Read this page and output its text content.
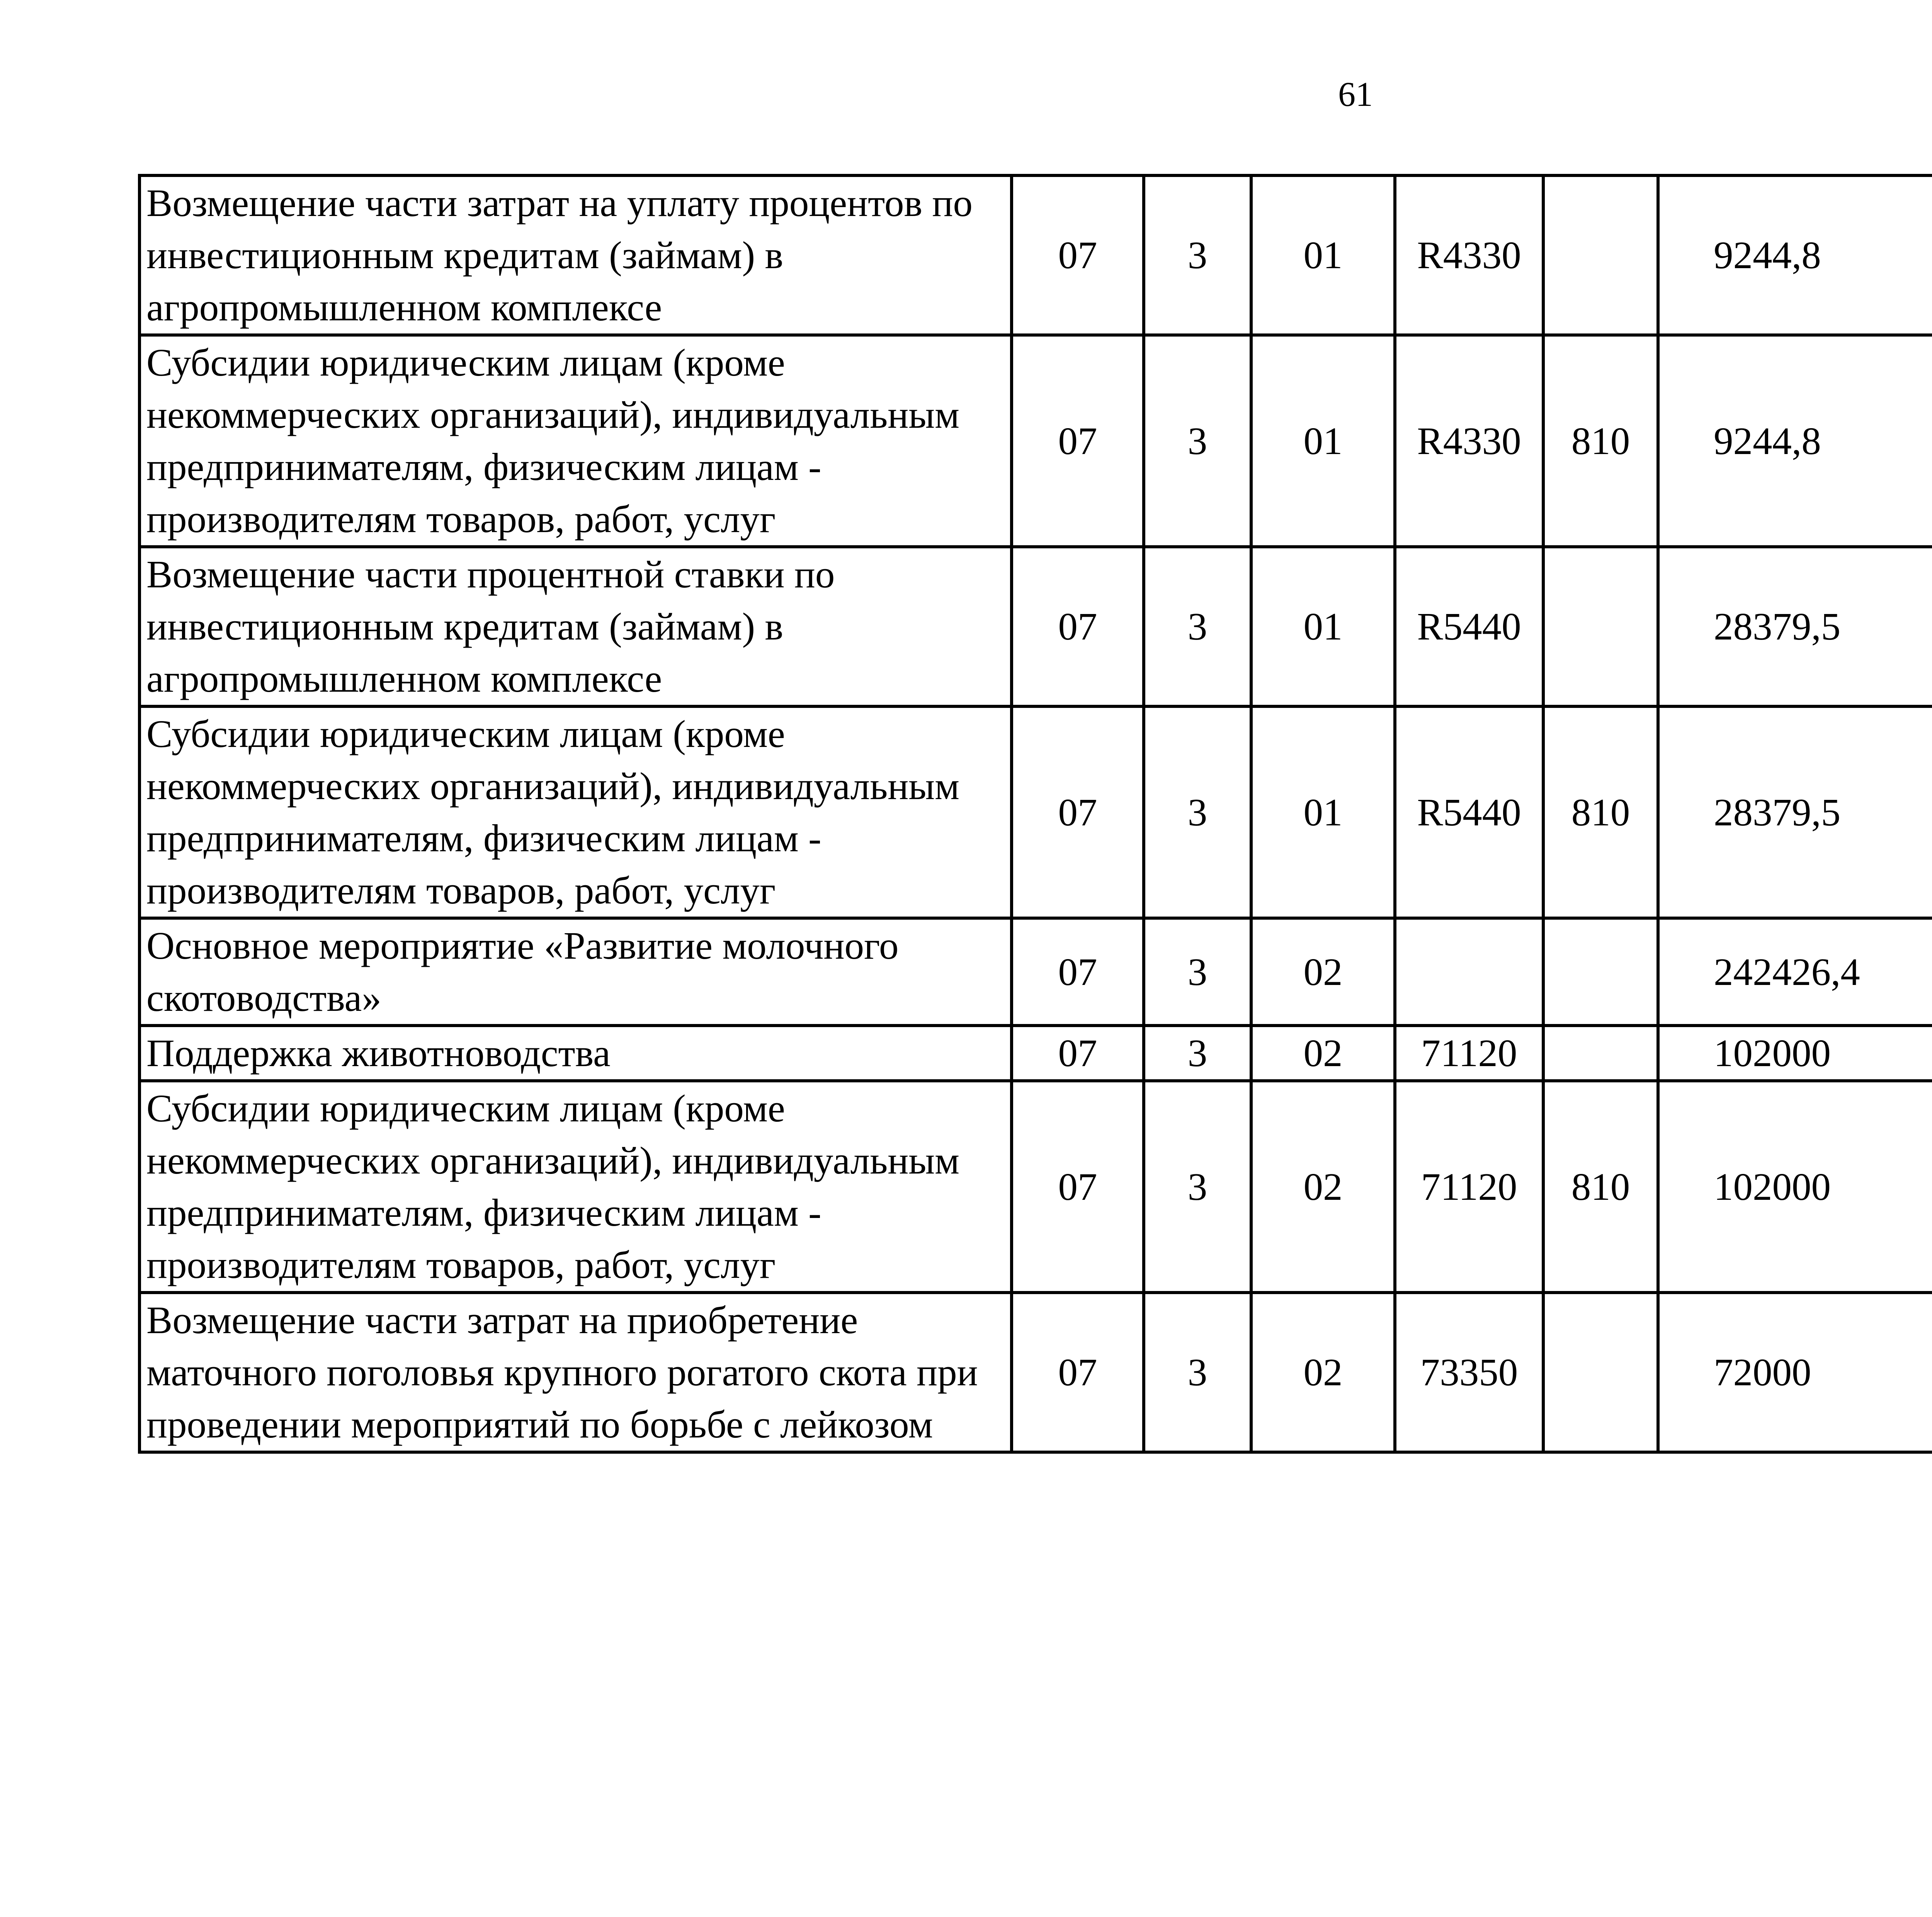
61
Возмещение части затрат на уплату процентов по инвестиционным кредитам (займам) в агропромышленном комплексе	07	3	01	R4330		9244,8		
Субсидии юридическим лицам (кроме некоммерческих организаций), индивидуальным предпринимателям, физическим лицам - производителям товаров, работ, услуг	07	3	01	R4330	810	9244,8		
Возмещение части процентной ставки по инвестиционным кредитам (займам) в агропромышленном комплексе	07	3	01	R5440		28379,5		
Субсидии юридическим лицам (кроме некоммерческих организаций), индивидуальным предпринимателям, физическим лицам - производителям товаров, работ, услуг	07	3	01	R5440	810	28379,5		
Основное мероприятие «Развитие молочного скотоводства»	07	3	02			242426,4		
Поддержка животноводства	07	3	02	71120		102000		
Субсидии юридическим лицам (кроме некоммерческих организаций), индивидуальным предпринимателям, физическим лицам - производителям товаров, работ, услуг	07	3	02	71120	810	102000		
Возмещение части затрат на приобретение маточного поголовья крупного рогатого скота при проведении мероприятий по борьбе с лейкозом	07	3	02	73350		72000		
